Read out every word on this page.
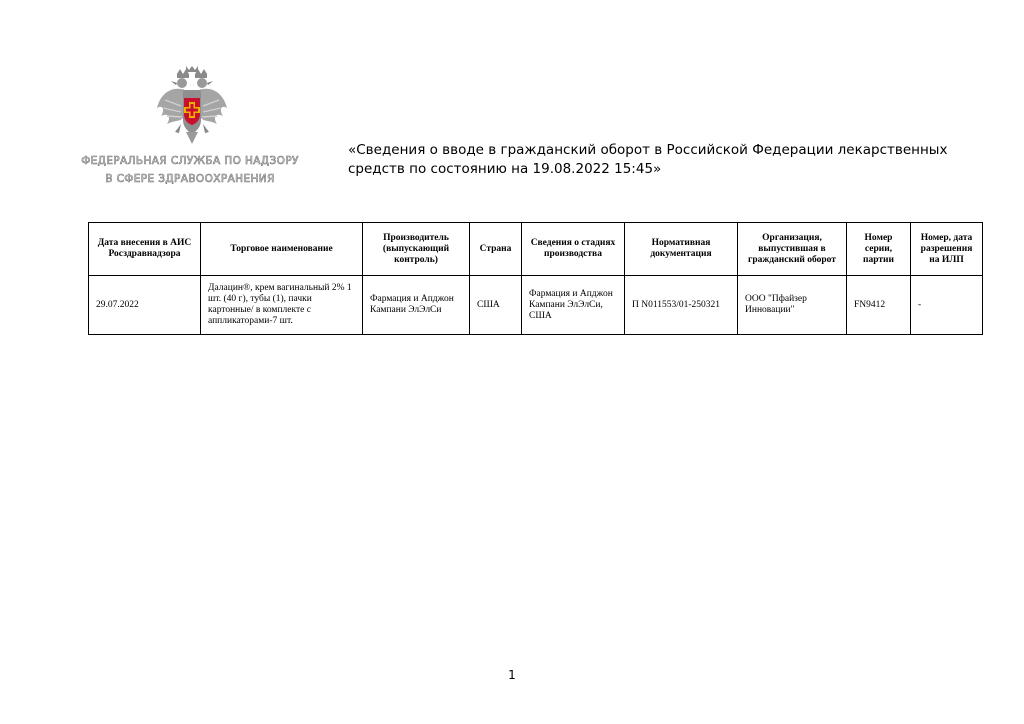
ФЕДЕРАЛЬНАЯ СЛУЖБА ПО НАДЗОРУ
В СФЕРЕ ЗДРАВООХРАНЕНИЯ
«Сведения о вводе в гражданский оборот в Российской Федерации лекарственных средств по состоянию на 19.08.2022 15:45»
Дата внесения в АИС Росздравнадзора	Торговое наименование	Производитель (выпускающий контроль)	Страна	Сведения о стадиях производства	Нормативная документация	Организация, выпустившая в гражданский оборот	Номер серии, партии	Номер, дата разрешения на ИЛП
29.07.2022	Далацин®, крем вагинальный 2% 1 шт. (40 г), тубы (1), пачки картонные/ в комплекте с аппликаторами-7 шт.	Фармация и Апджон Кампани ЭлЭлСи	США	Фармация и Апджон Кампани ЭлЭлСи, США	П N011553/01-250321	ООО "Пфайзер Инновации"	FN9412	-
1
